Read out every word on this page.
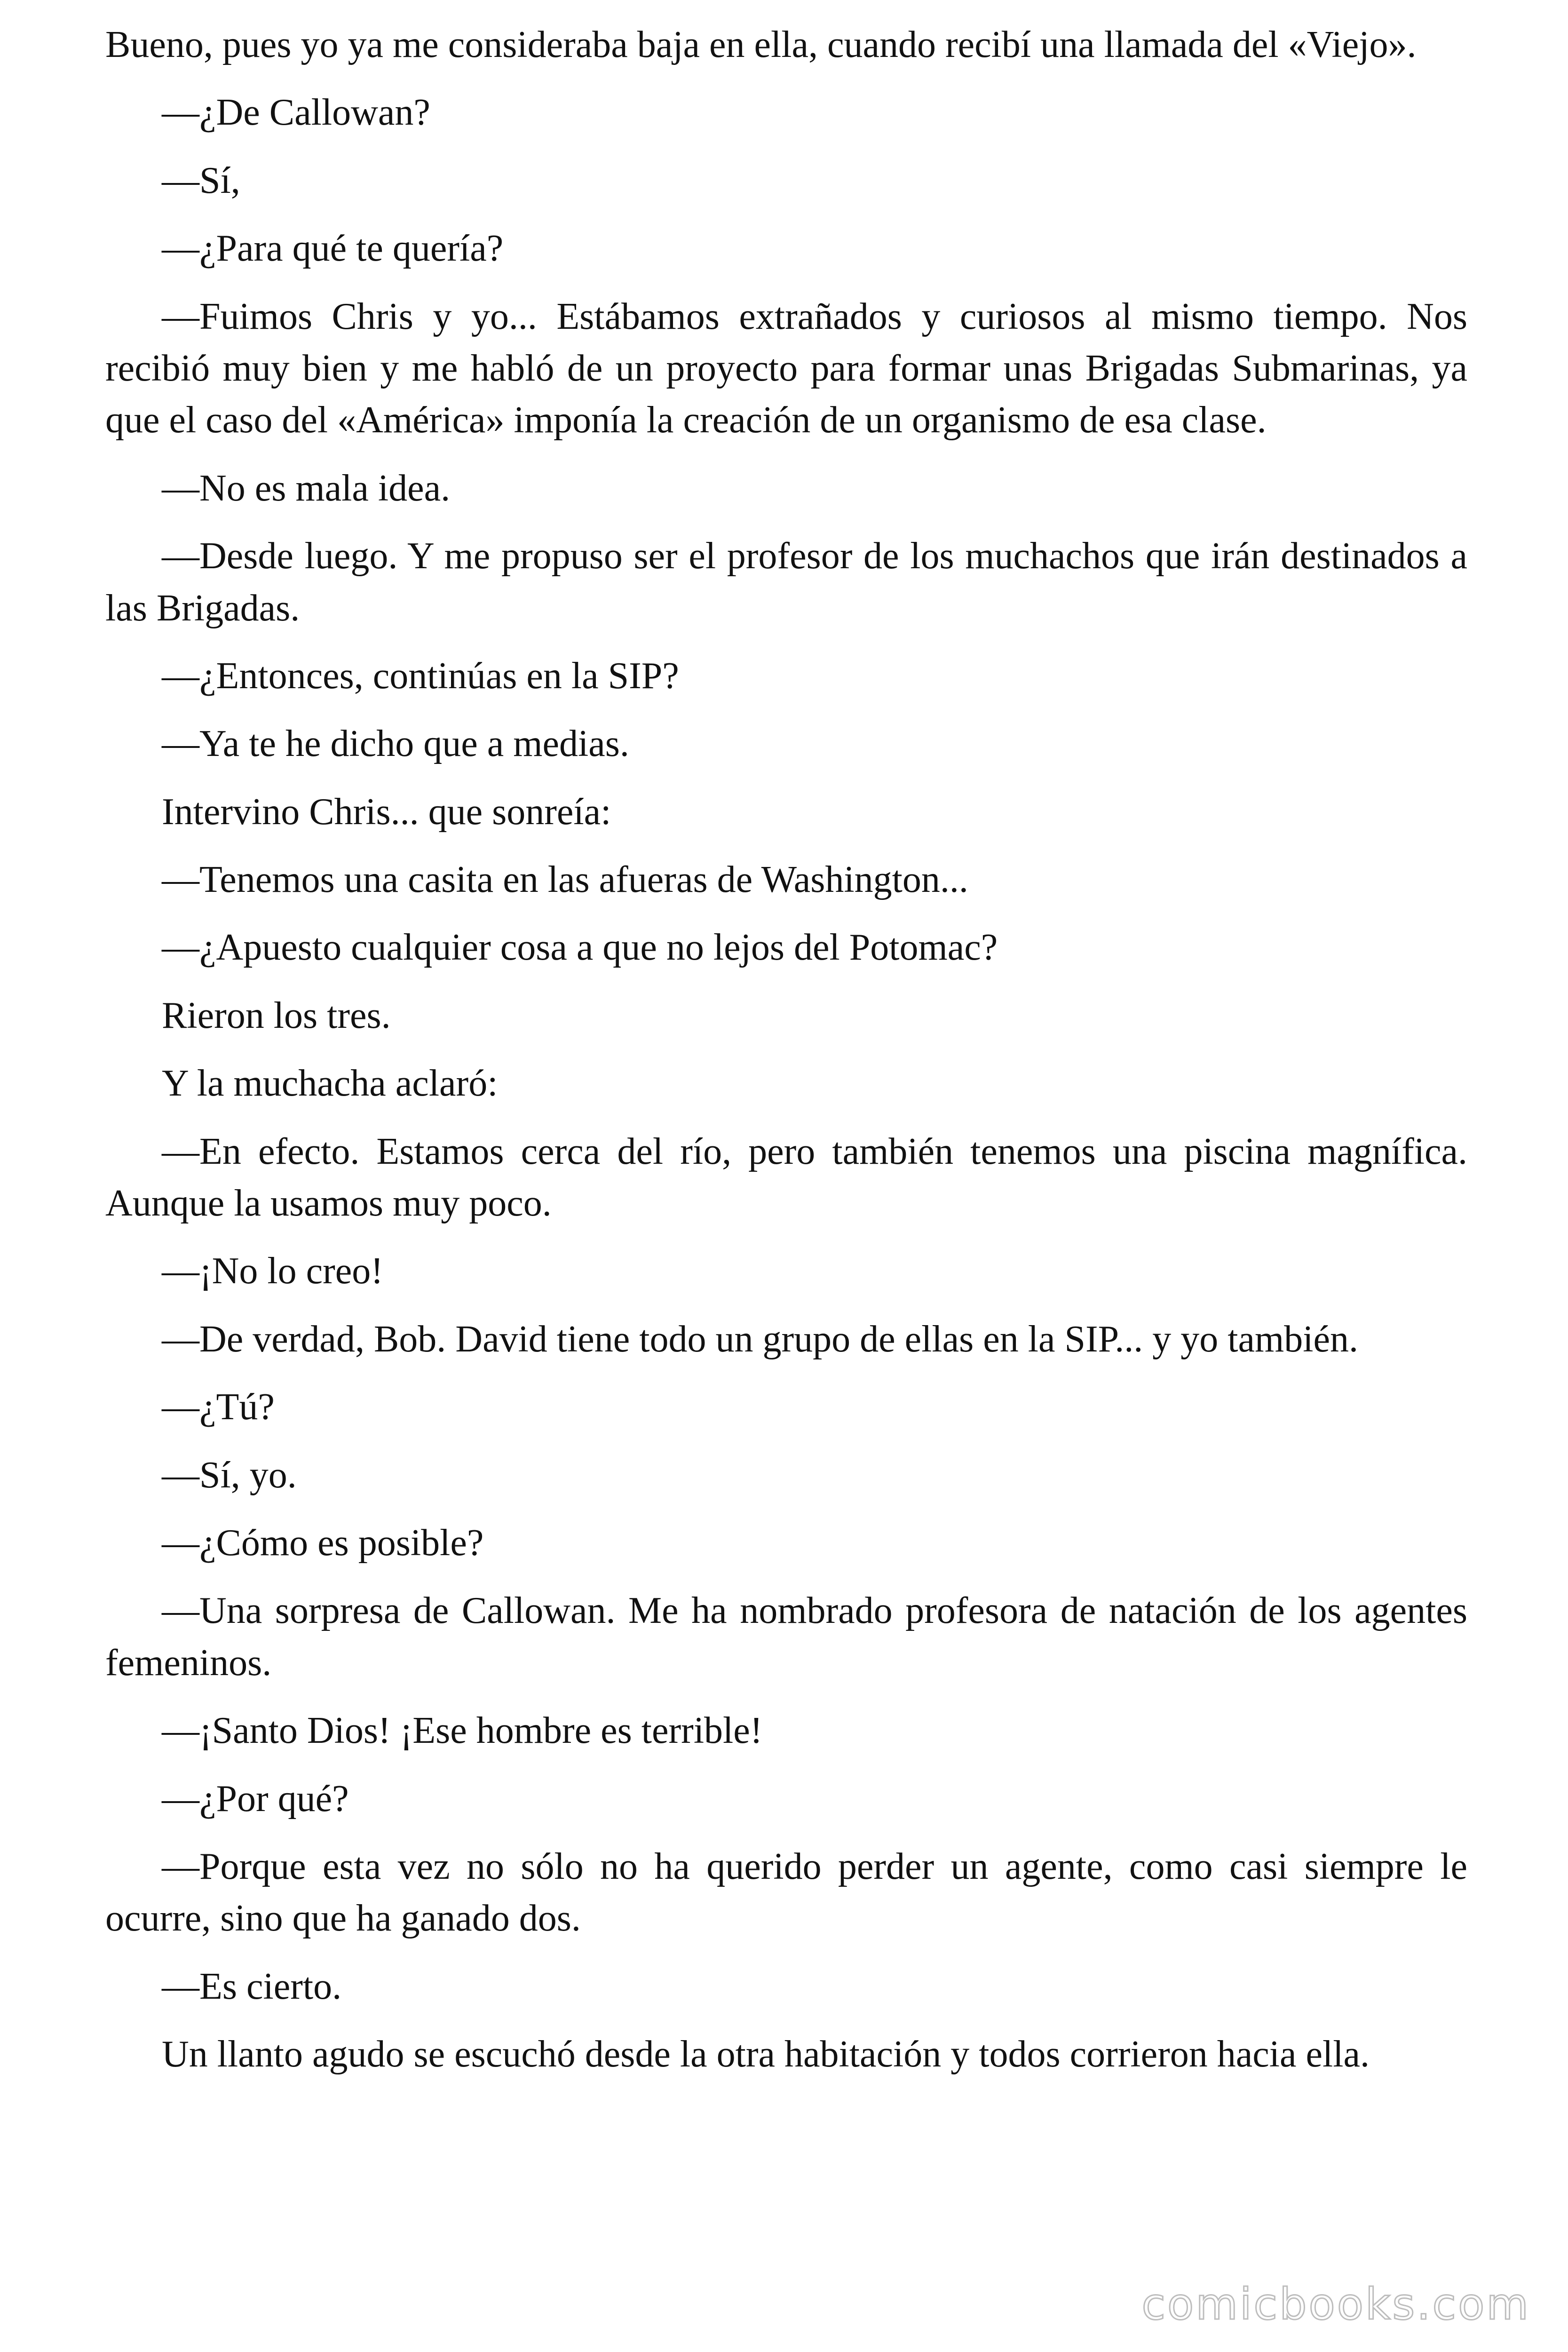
Bueno, pues yo ya me consideraba baja en ella, cuando recibí una llamada del «Viejo».

—¿De Callowan?

—Sí,

—¿Para qué te quería?

—Fuimos Chris y yo... Estábamos extrañados y curiosos al mismo tiempo. Nos recibió muy bien y me habló de un proyecto para formar unas Brigadas Submarinas, ya que el caso del «América» imponía la creación de un organismo de esa clase.

—No es mala idea.

—Desde luego. Y me propuso ser el profesor de los muchachos que irán destinados a las Brigadas.

—¿Entonces, continúas en la SIP?

—Ya te he dicho que a medias.

Intervino Chris... que sonreía:

—Tenemos una casita en las afueras de Washington...

—¿Apuesto cualquier cosa a que no lejos del Potomac?

Rieron los tres.

Y la muchacha aclaró:

—En efecto. Estamos cerca del río, pero también tenemos una piscina magnífica. Aunque la usamos muy poco.

—¡No lo creo!

—De verdad, Bob. David tiene todo un grupo de ellas en la SIP... y yo también.

—¿Tú?

—Sí, yo.

—¿Cómo es posible?

—Una sorpresa de Callowan. Me ha nombrado profesora de natación de los agentes femeninos.

—¡Santo Dios! ¡Ese hombre es terrible!

—¿Por qué?

—Porque esta vez no sólo no ha querido perder un agente, como casi siempre le ocurre, sino que ha ganado dos.

—Es cierto.

Un llanto agudo se escuchó desde la otra habitación y todos corrieron hacia ella.

comicbooks.com
